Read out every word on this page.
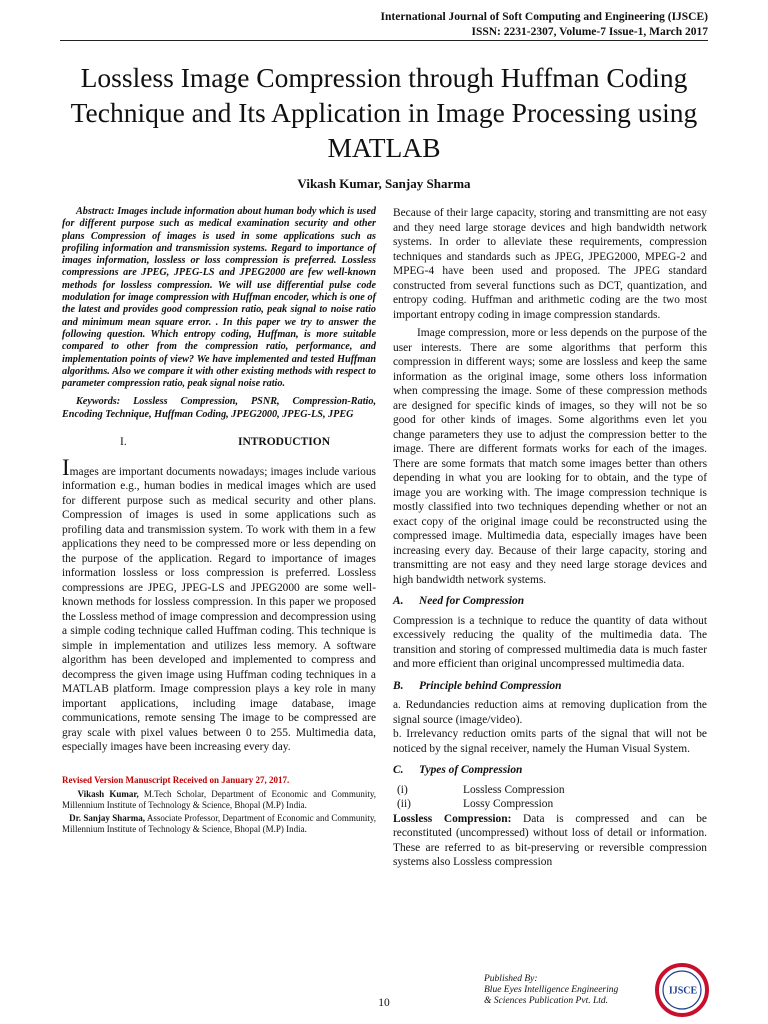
International Journal of Soft Computing and Engineering (IJSCE)
ISSN: 2231-2307, Volume-7 Issue-1, March 2017
Lossless Image Compression through Huffman Coding Technique and Its Application in Image Processing using MATLAB
Vikash Kumar, Sanjay Sharma

Abstract: Images include information about human body which is used for different purpose such as medical examination security and other plans Compression of images is used in some applications such as profiling information and transmission systems. Regard to importance of images information, lossless or loss compression is preferred. Lossless compressions are JPEG, JPEG-LS and JPEG2000 are few well-known methods for lossless compression. We will use differential pulse code modulation for image compression with Huffman encoder, which is one of the latest and provides good compression ratio, peak signal to noise ratio and minimum mean square error. . In this paper we try to answer the following question. Which entropy coding, Huffman, is more suitable compared to other from the compression ratio, performance, and implementation points of view? We have implemented and tested Huffman algorithms. Also we compare it with other existing methods with respect to parameter compression ratio, peak signal noise ratio.

Keywords: Lossless Compression, PSNR, Compression-Ratio, Encoding Technique, Huffman Coding, JPEG2000, JPEG-LS, JPEG

I.	INTRODUCTION

Images are important documents nowadays; images include various information e.g., human bodies in medical images which are used for different purpose such as medical security and other plans. Compression of images is used in some applications such as profiling data and transmission system. To work with them in a few applications they need to be compressed more or less depending on the purpose of the application. Regard to importance of images information lossless or loss compression is preferred. Lossless compressions are JPEG, JPEG-LS and JPEG2000 are some well-known methods for lossless compression. In this paper we proposed the Lossless method of image compression and decompression using a simple coding technique called Huffman coding. This technique is simple in implementation and utilizes less memory. A software algorithm has been developed and implemented to compress and decompress the given image using Huffman coding techniques in a MATLAB platform. Image compression plays a key role in many important applications, including image database, image communications, remote sensing The image to be compressed are gray scale with pixel values between 0 to 255. Multimedia data, especially images have been increasing every day.

Revised Version Manuscript Received on January 27, 2017.

Vikash Kumar, M.Tech Scholar, Department of Economic and Community, Millennium Institute of Technology & Science, Bhopal (M.P) India.

Dr. Sanjay Sharma, Associate Professor, Department of Economic and Community, Millennium Institute of Technology & Science, Bhopal (M.P) India.

Because of their large capacity, storing and transmitting are not easy and they need large storage devices and high bandwidth network systems. In order to alleviate these requirements, compression techniques and standards such as JPEG, JPEG2000, MPEG-2 and MPEG-4 have been used and proposed. The JPEG standard constructed from several functions such as DCT, quantization, and entropy coding. Huffman and arithmetic coding are the two most important entropy coding in image compression standards.

Image compression, more or less depends on the purpose of the user interests. There are some algorithms that perform this compression in different ways; some are lossless and keep the same information as the original image, some others loss information when compressing the image. Some of these compression methods are designed for specific kinds of images, so they will not be so good for other kinds of images. Some algorithms even let you change parameters they use to adjust the compression better to the image. There are different formats works for each of the images. There are some formats that match some images better than others depending in what you are looking for to obtain, and the type of image you are working with. The image compression technique is mostly classified into two techniques depending whether or not an exact copy of the original image could be reconstructed using the compressed image. Multimedia data, especially images have been increasing every day. Because of their large capacity, storing and transmitting are not easy and they need large storage devices and high bandwidth network systems.

A. Need for Compression

Compression is a technique to reduce the quantity of data without excessively reducing the quality of the multimedia data. The transition and storing of compressed multimedia data is much faster and more efficient than original uncompressed multimedia data.

B. Principle behind Compression

a. Redundancies reduction aims at removing duplication from the signal source (image/video).

b. Irrelevancy reduction omits parts of the signal that will not be noticed by the signal receiver, namely the Human Visual System.

C. Types of Compression

(i)	Lossless Compression
(ii)	Lossy Compression

Lossless Compression: Data is compressed and can be reconstituted (uncompressed) without loss of detail or information. These are referred to as bit-preserving or reversible compression systems also Lossless compression

Published By:
Blue Eyes Intelligence Engineering
& Sciences Publication Pvt. Ltd.
10
IJSCE
